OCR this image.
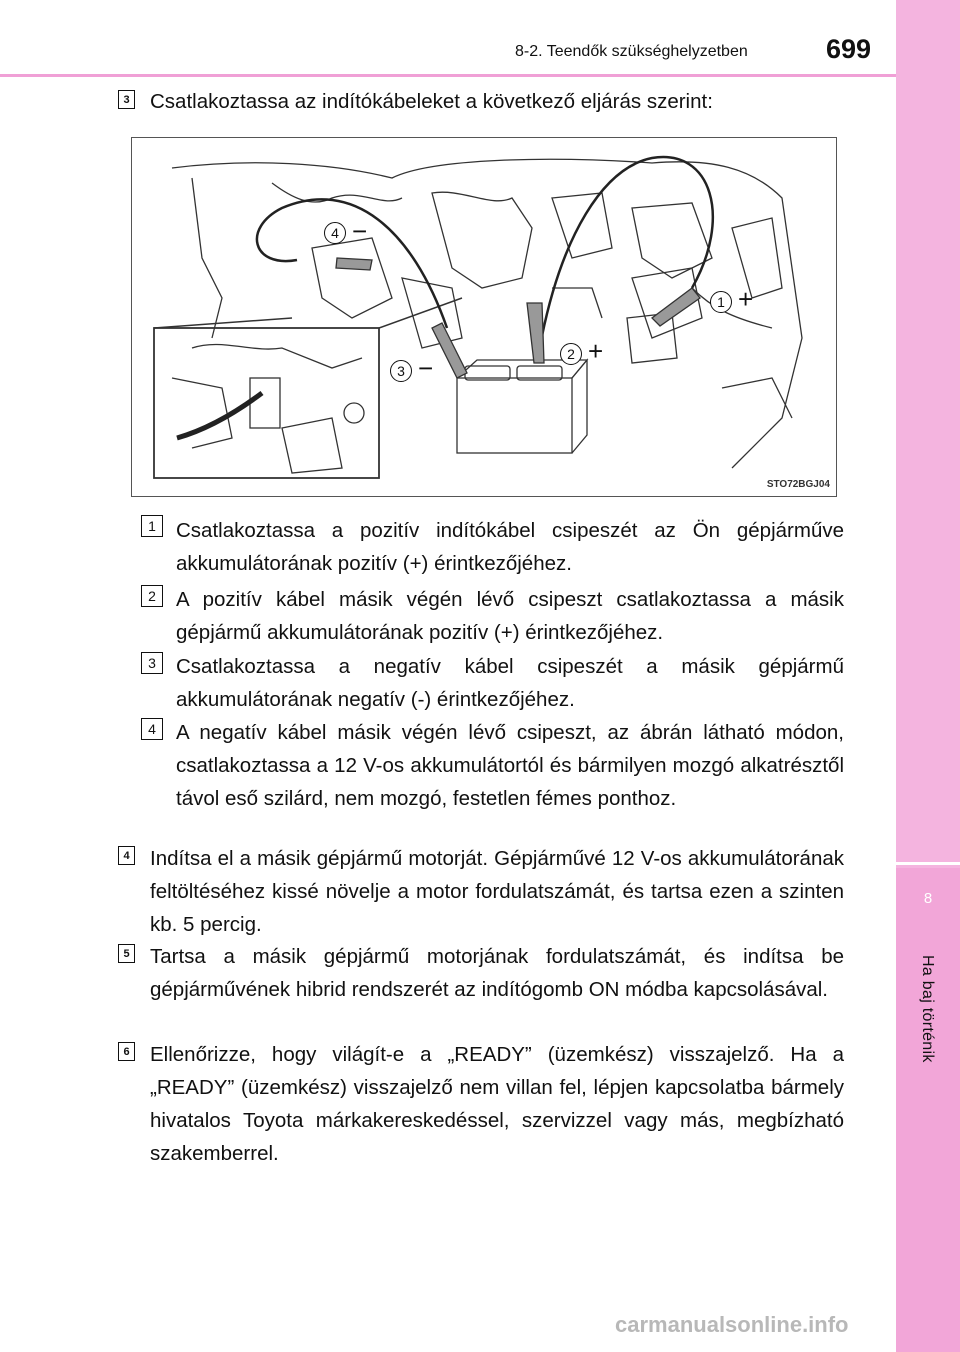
8
Ha baj történik
8-2. Teendők szükséghelyzetben	699
3 Csatlakoztassa az indítókábeleket a következő eljárás szerint:
4 −
1 +
2 +
3 −
STO72BGJ04
1 Csatlakoztassa a pozitív indítókábel csipeszét az Ön gépjárműve akkumulátorának pozitív (+) érintkezőjéhez.
2 A pozitív kábel másik végén lévő csipeszt csatlakoztassa a másik gépjármű akkumulátorának pozitív (+) érintkezőjéhez.
3 Csatlakoztassa a negatív kábel csipeszét a másik gépjármű akkumulátorának negatív (-) érintkezőjéhez.
4 A negatív kábel másik végén lévő csipeszt, az ábrán látható módon, csatlakoztassa a 12 V-os akkumulátortól és bármilyen mozgó alkatrésztől távol eső szilárd, nem mozgó, festetlen fémes ponthoz.
4 Indítsa el a másik gépjármű motorját. Gépjárművé 12 V-os akkumulátorának feltöltéséhez kissé növelje a motor fordulatszámát, és tartsa ezen a szinten kb. 5 percig.
5 Tartsa a másik gépjármű motorjának fordulatszámát, és indítsa be gépjárművének hibrid rendszerét az indítógomb ON módba kapcsolásával.
6 Ellenőrizze, hogy világít-e a „READY” (üzemkész) visszajelző. Ha a „READY” (üzemkész) visszajelző nem villan fel, lépjen kapcsolatba bármely hivatalos Toyota márkakereskedéssel, szervizzel vagy más, megbízható szakemberrel.
carmanualsonline.info
